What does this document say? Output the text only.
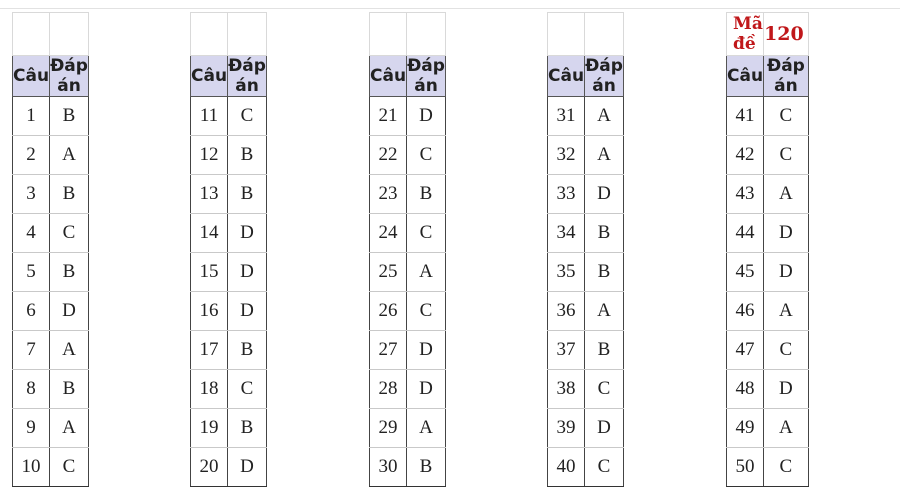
Câu	Đáp án
1	B
2	A
3	B
4	C
5	B
6	D
7	A
8	B
9	A
10	C

Câu	Đáp án
11	C
12	B
13	B
14	D
15	D
16	D
17	B
18	C
19	B
20	D

Câu	Đáp án
21	D
22	C
23	B
24	C
25	A
26	C
27	D
28	D
29	A
30	B

Câu	Đáp án
31	A
32	A
33	D
34	B
35	B
36	A
37	B
38	C
39	D
40	C
Mã đề	120
Câu	Đáp án
41	C
42	C
43	A
44	D
45	D
46	A
47	C
48	D
49	A
50	C
